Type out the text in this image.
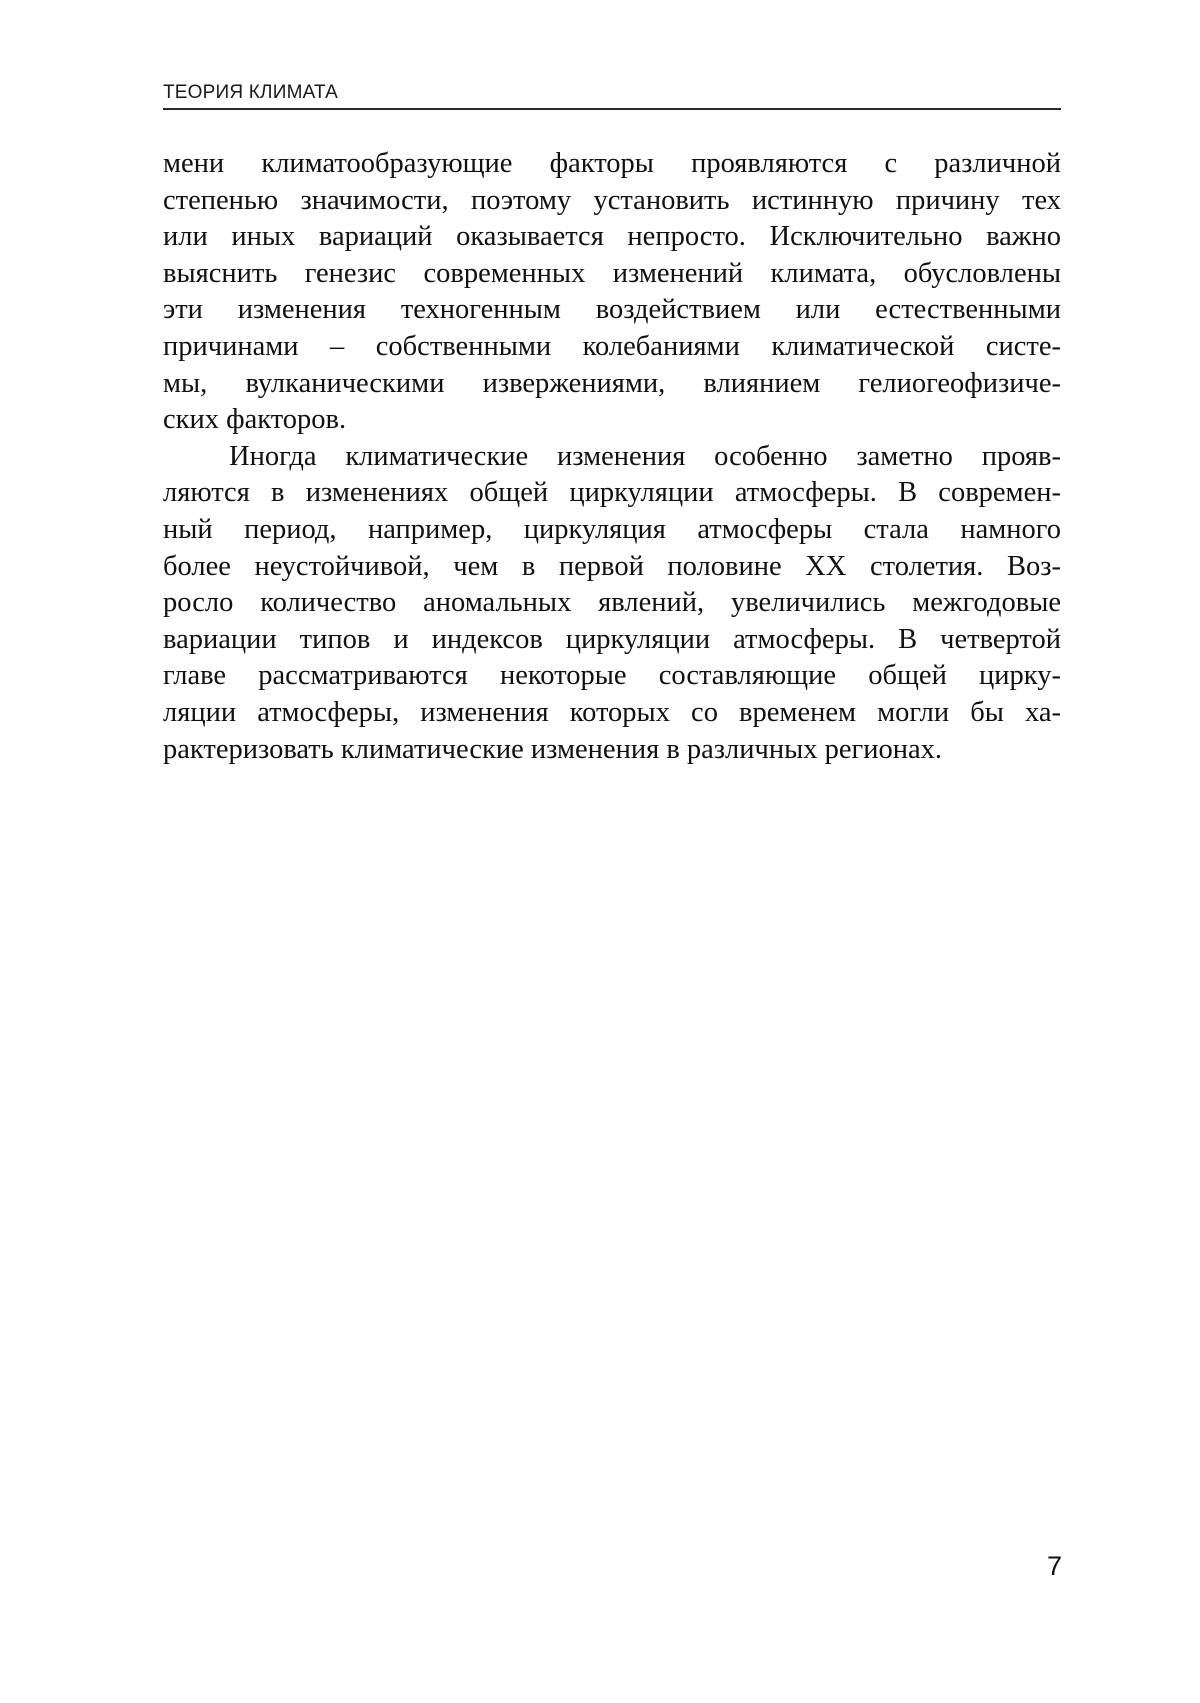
ТЕОРИЯ КЛИМАТА
мени климатообразующие факторы проявляются с различной
степенью значимости, поэтому установить истинную причину тех
или иных вариаций оказывается непросто. Исключительно важно
выяснить генезис современных изменений климата, обусловлены
эти изменения техногенным воздействием или естественными
причинами – собственными колебаниями климатической систе-
мы, вулканическими извержениями, влиянием гелиогеофизиче-
ских факторов.
Иногда климатические изменения особенно заметно прояв-
ляются в изменениях общей циркуляции атмосферы. В современ-
ный период, например, циркуляция атмосферы стала намного
более неустойчивой, чем в первой половине XX столетия. Воз-
росло количество аномальных явлений, увеличились межгодовые
вариации типов и индексов циркуляции атмосферы. В четвертой
главе рассматриваются некоторые составляющие общей цирку-
ляции атмосферы, изменения которых со временем могли бы ха-
рактеризовать климатические изменения в различных регионах.
7
